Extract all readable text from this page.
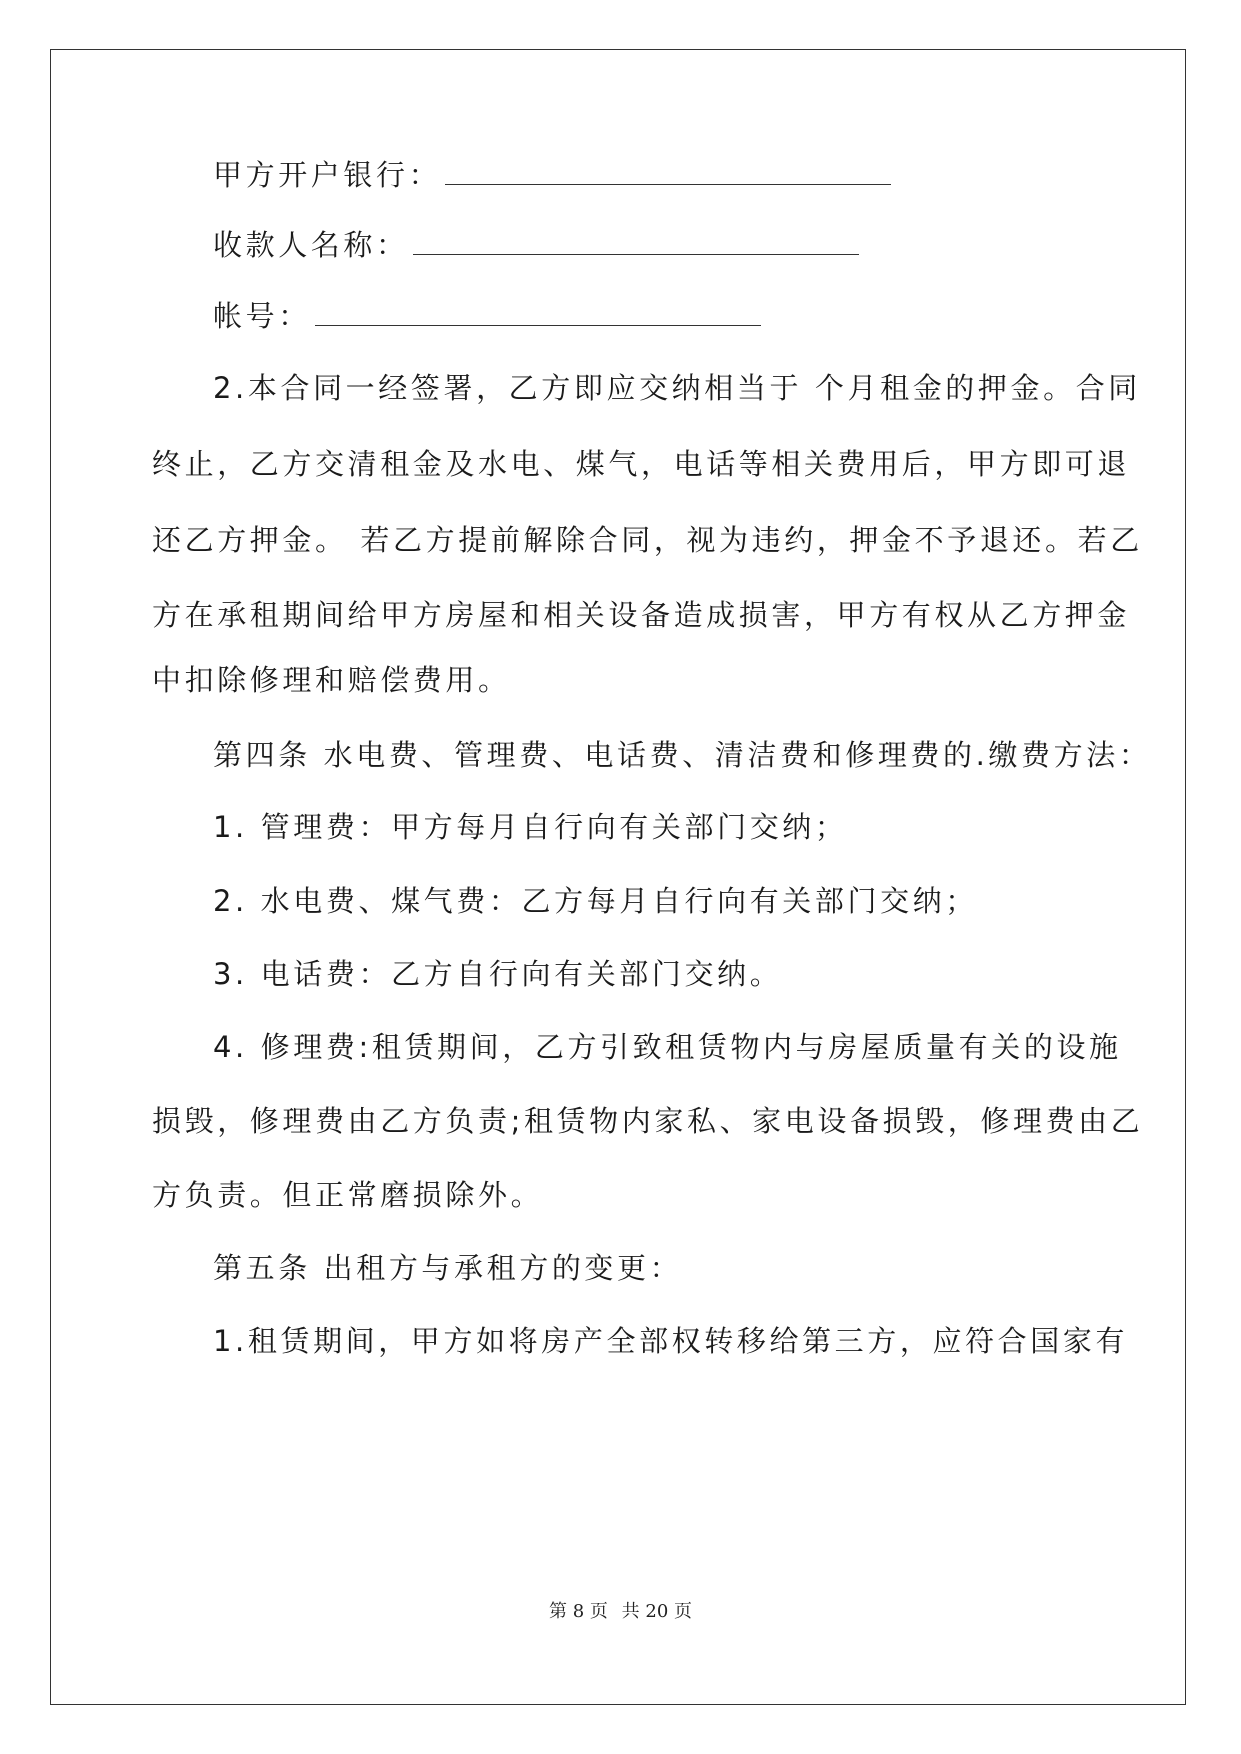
甲方开户银行：

收款人名称：

帐号：

2.本合同一经签署，乙方即应交纳相当于 个月租金的押金。合同

终止，乙方交清租金及水电、煤气，电话等相关费用后，甲方即可退

还乙方押金。 若乙方提前解除合同，视为违约，押金不予退还。若乙

方在承租期间给甲方房屋和相关设备造成损害，甲方有权从乙方押金

中扣除修理和赔偿费用。

第四条 水电费、管理费、电话费、清洁费和修理费的.缴费方法：

1. 管理费：甲方每月自行向有关部门交纳；

2. 水电费、煤气费：乙方每月自行向有关部门交纳；

3. 电话费：乙方自行向有关部门交纳。

4. 修理费:租赁期间，乙方引致租赁物内与房屋质量有关的设施

损毁，修理费由乙方负责;租赁物内家私、家电设备损毁，修理费由乙

方负责。但正常磨损除外。

第五条 出租方与承租方的变更：

1.租赁期间，甲方如将房产全部权转移给第三方，应符合国家有

第 8 页 共 20 页
